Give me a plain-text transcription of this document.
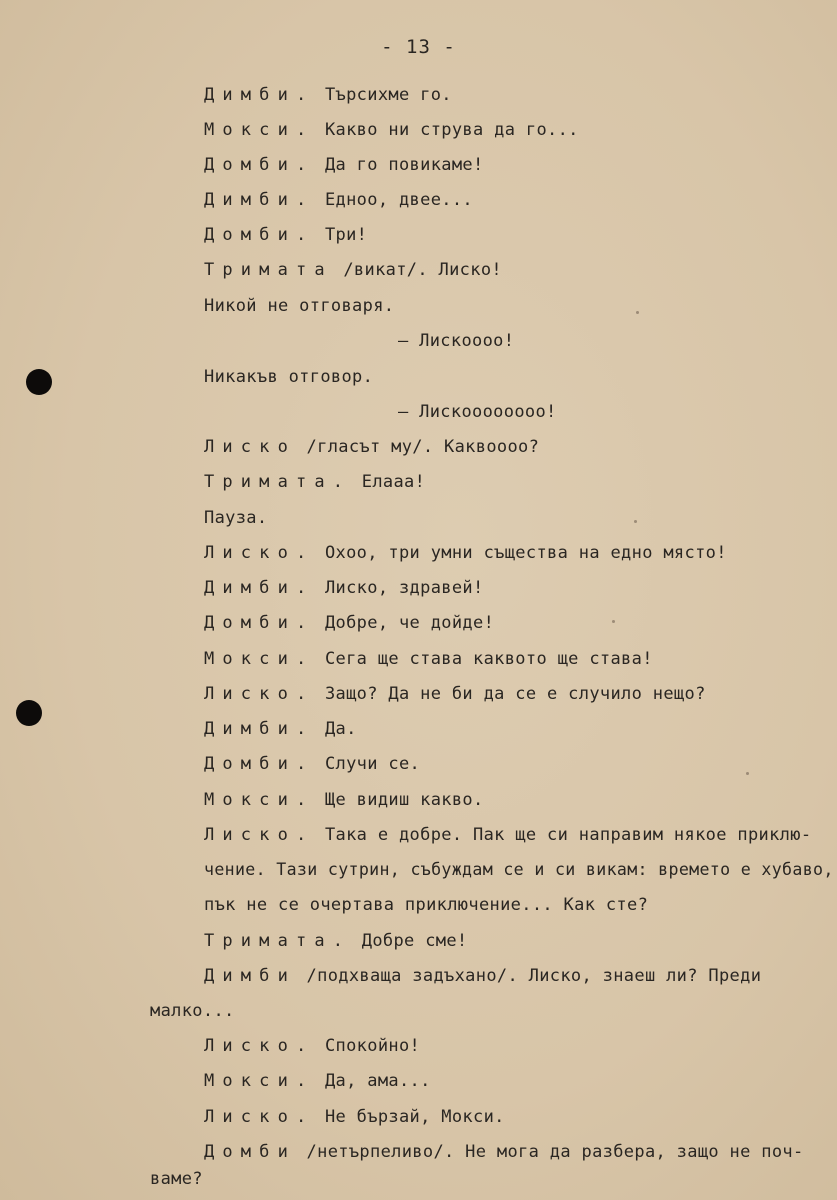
- 13 -
Димби. Търсихме го.
Мокси. Какво ни струва да го...
Домби. Да го повикаме!
Димби. Едноо, двее...
Домби. Три!
Тримата /викат/. Лиско!
Никой не отговаря.
– Лискоооо!
Никакъв отговор.
– Лискоооооооо!
Лиско /гласът му/. Каквоооо?
Тримата. Елааа!
Пауза.
Лиско. Охоо, три умни същества на едно място!
Димби. Лиско, здравей!
Домби. Добре, че дойде!
Мокси. Сега ще става каквото ще става!
Лиско. Защо? Да не би да се е случило нещо?
Димби. Да.
Домби. Случи се.
Мокси. Ще видиш какво.
Лиско. Така е добре. Пак ще си направим някое приклю-
чение. Тази сутрин, събуждам се и си викам: времето е хубаво,
пък не се очертава приключение... Как сте?
Тримата. Добре сме!
Димби /подхваща задъхано/. Лиско, знаеш ли? Преди
малко...
Лиско. Спокойно!
Мокси. Да, ама...
Лиско. Не бързай, Мокси.
Домби /нетърпеливо/. Не мога да разбера, защо не поч-
ваме?
